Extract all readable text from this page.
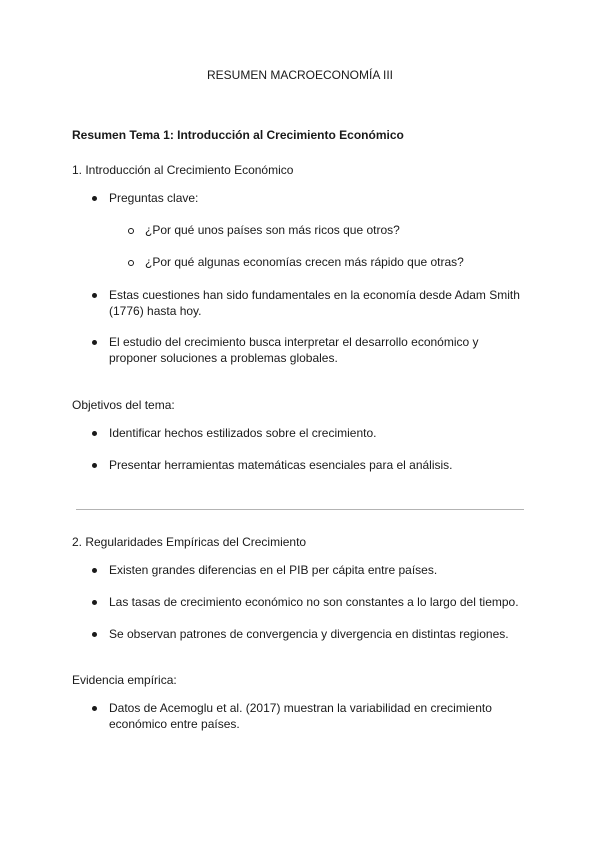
RESUMEN MACROECONOMÍA III
Resumen Tema 1: Introducción al Crecimiento Económico
1. Introducción al Crecimiento Económico
Preguntas clave:
¿Por qué unos países son más ricos que otros?
¿Por qué algunas economías crecen más rápido que otras?
Estas cuestiones han sido fundamentales en la economía desde Adam Smith
(1776) hasta hoy.
El estudio del crecimiento busca interpretar el desarrollo económico y
proponer soluciones a problemas globales.
Objetivos del tema:
Identificar hechos estilizados sobre el crecimiento.
Presentar herramientas matemáticas esenciales para el análisis.
2. Regularidades Empíricas del Crecimiento
Existen grandes diferencias en el PIB per cápita entre países.
Las tasas de crecimiento económico no son constantes a lo largo del tiempo.
Se observan patrones de convergencia y divergencia en distintas regiones.
Evidencia empírica:
Datos de Acemoglu et al. (2017) muestran la variabilidad en crecimiento
económico entre países.
